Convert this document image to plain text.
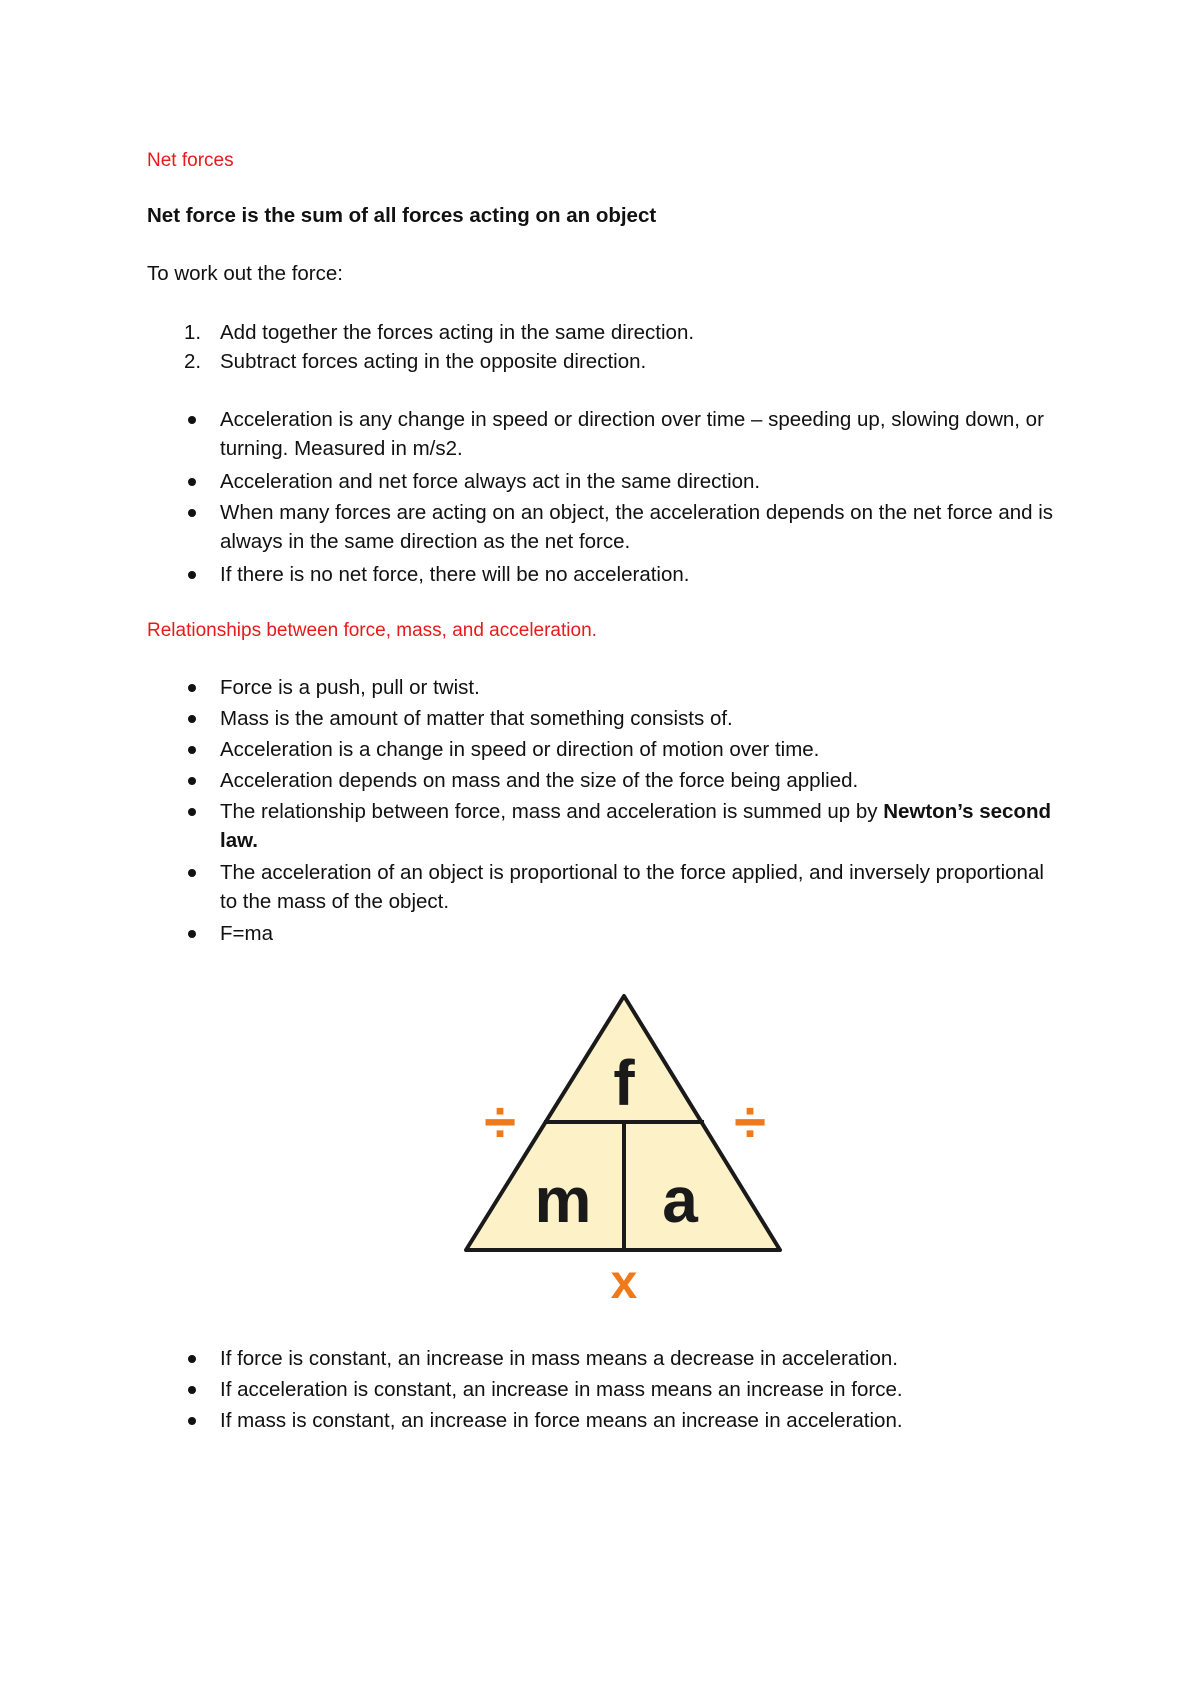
Net forces
Net force is the sum of all forces acting on an object
To work out the force:
1. Add together the forces acting in the same direction.
2. Subtract forces acting in the opposite direction.
Acceleration is any change in speed or direction over time – speeding up, slowing down, or turning. Measured in m/s2.
Acceleration and net force always act in the same direction.
When many forces are acting on an object, the acceleration depends on the net force and is always in the same direction as the net force.
If there is no net force, there will be no acceleration.
Relationships between force, mass, and acceleration.
Force is a push, pull or twist.
Mass is the amount of matter that something consists of.
Acceleration is a change in speed or direction of motion over time.
Acceleration depends on mass and the size of the force being applied.
The relationship between force, mass and acceleration is summed up by Newton’s second law.
The acceleration of an object is proportional to the force applied, and inversely proportional to the mass of the object.
F=ma
f
m a
÷	÷
x
If force is constant, an increase in mass means a decrease in acceleration.
If acceleration is constant, an increase in mass means an increase in force.
If mass is constant, an increase in force means an increase in acceleration.
